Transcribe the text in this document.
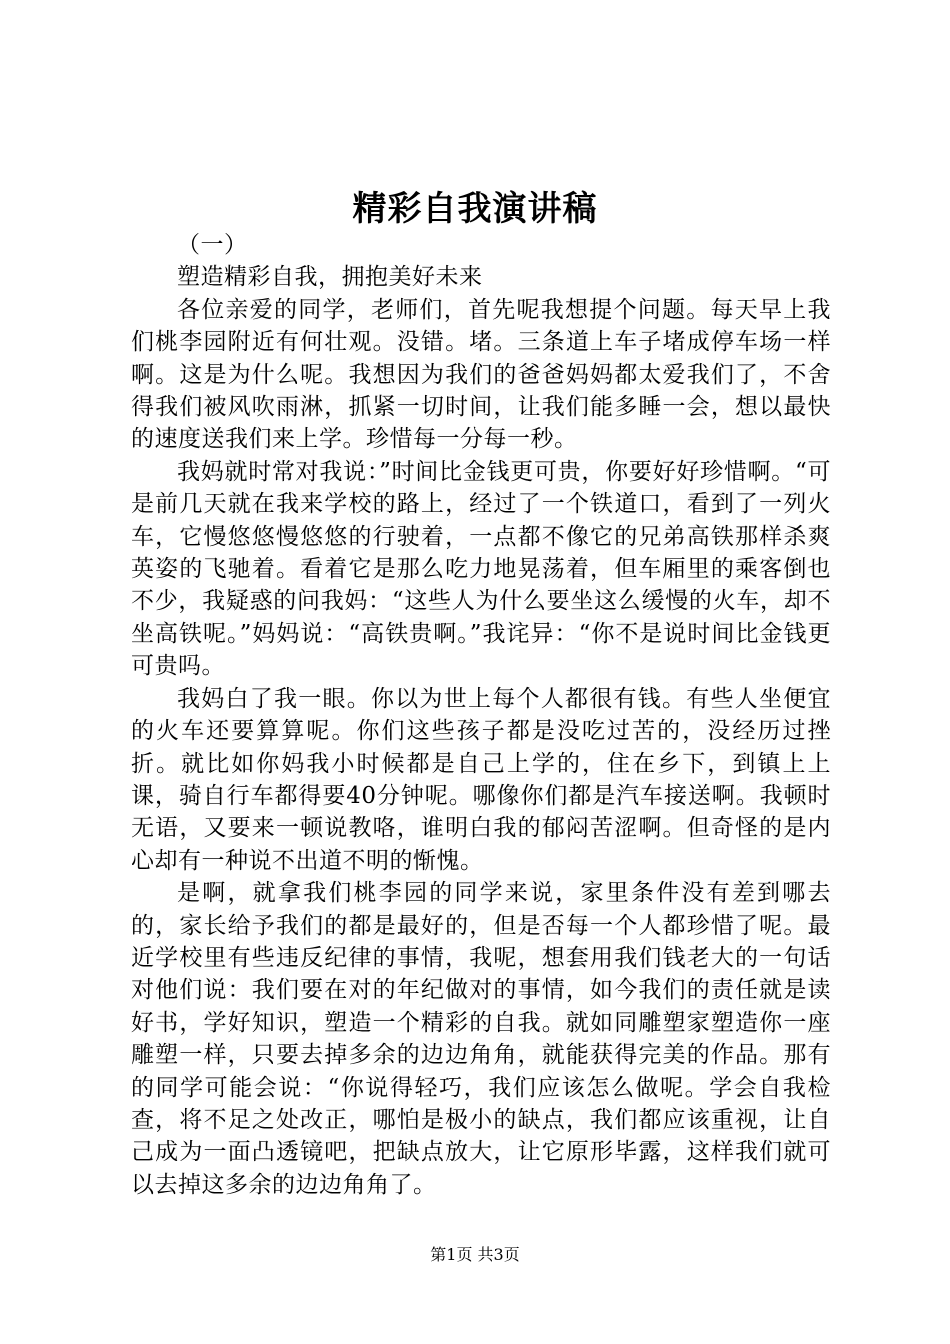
精彩自我演讲稿

（一）

塑造精彩自我，拥抱美好未来

各位亲爱的同学，老师们，首先呢我想提个问题。每天早上我们桃李园附近有何壮观。没错。堵。三条道上车子堵成停车场一样啊。这是为什么呢。我想因为我们的爸爸妈妈都太爱我们了，不舍得我们被风吹雨淋，抓紧一切时间，让我们能多睡一会，想以最快的速度送我们来上学。珍惜每一分每一秒。

我妈就时常对我说：”时间比金钱更可贵，你要好好珍惜啊。“可是前几天就在我来学校的路上，经过了一个铁道口，看到了一列火车，它慢悠悠慢悠悠的行驶着，一点都不像它的兄弟高铁那样杀爽英姿的飞驰着。看着它是那么吃力地晃荡着，但车厢里的乘客倒也不少，我疑惑的问我妈：“这些人为什么要坐这么缓慢的火车，却不坐高铁呢。”妈妈说：“高铁贵啊。”我诧异：“你不是说时间比金钱更可贵吗。

我妈白了我一眼。你以为世上每个人都很有钱。有些人坐便宜的火车还要算算呢。你们这些孩子都是没吃过苦的，没经历过挫折。就比如你妈我小时候都是自己上学的，住在乡下，到镇上上课，骑自行车都得要40分钟呢。哪像你们都是汽车接送啊。我顿时无语，又要来一顿说教咯，谁明白我的郁闷苦涩啊。但奇怪的是内心却有一种说不出道不明的惭愧。

是啊，就拿我们桃李园的同学来说，家里条件没有差到哪去的，家长给予我们的都是最好的，但是否每一个人都珍惜了呢。最近学校里有些违反纪律的事情，我呢，想套用我们钱老大的一句话对他们说：我们要在对的年纪做对的事情，如今我们的责任就是读好书，学好知识，塑造一个精彩的自我。就如同雕塑家塑造你一座雕塑一样，只要去掉多余的边边角角，就能获得完美的作品。那有的同学可能会说：“你说得轻巧，我们应该怎么做呢。学会自我检查，将不足之处改正，哪怕是极小的缺点，我们都应该重视，让自己成为一面凸透镜吧，把缺点放大，让它原形毕露，这样我们就可以去掉这多余的边边角角了。

第1页 共3页
